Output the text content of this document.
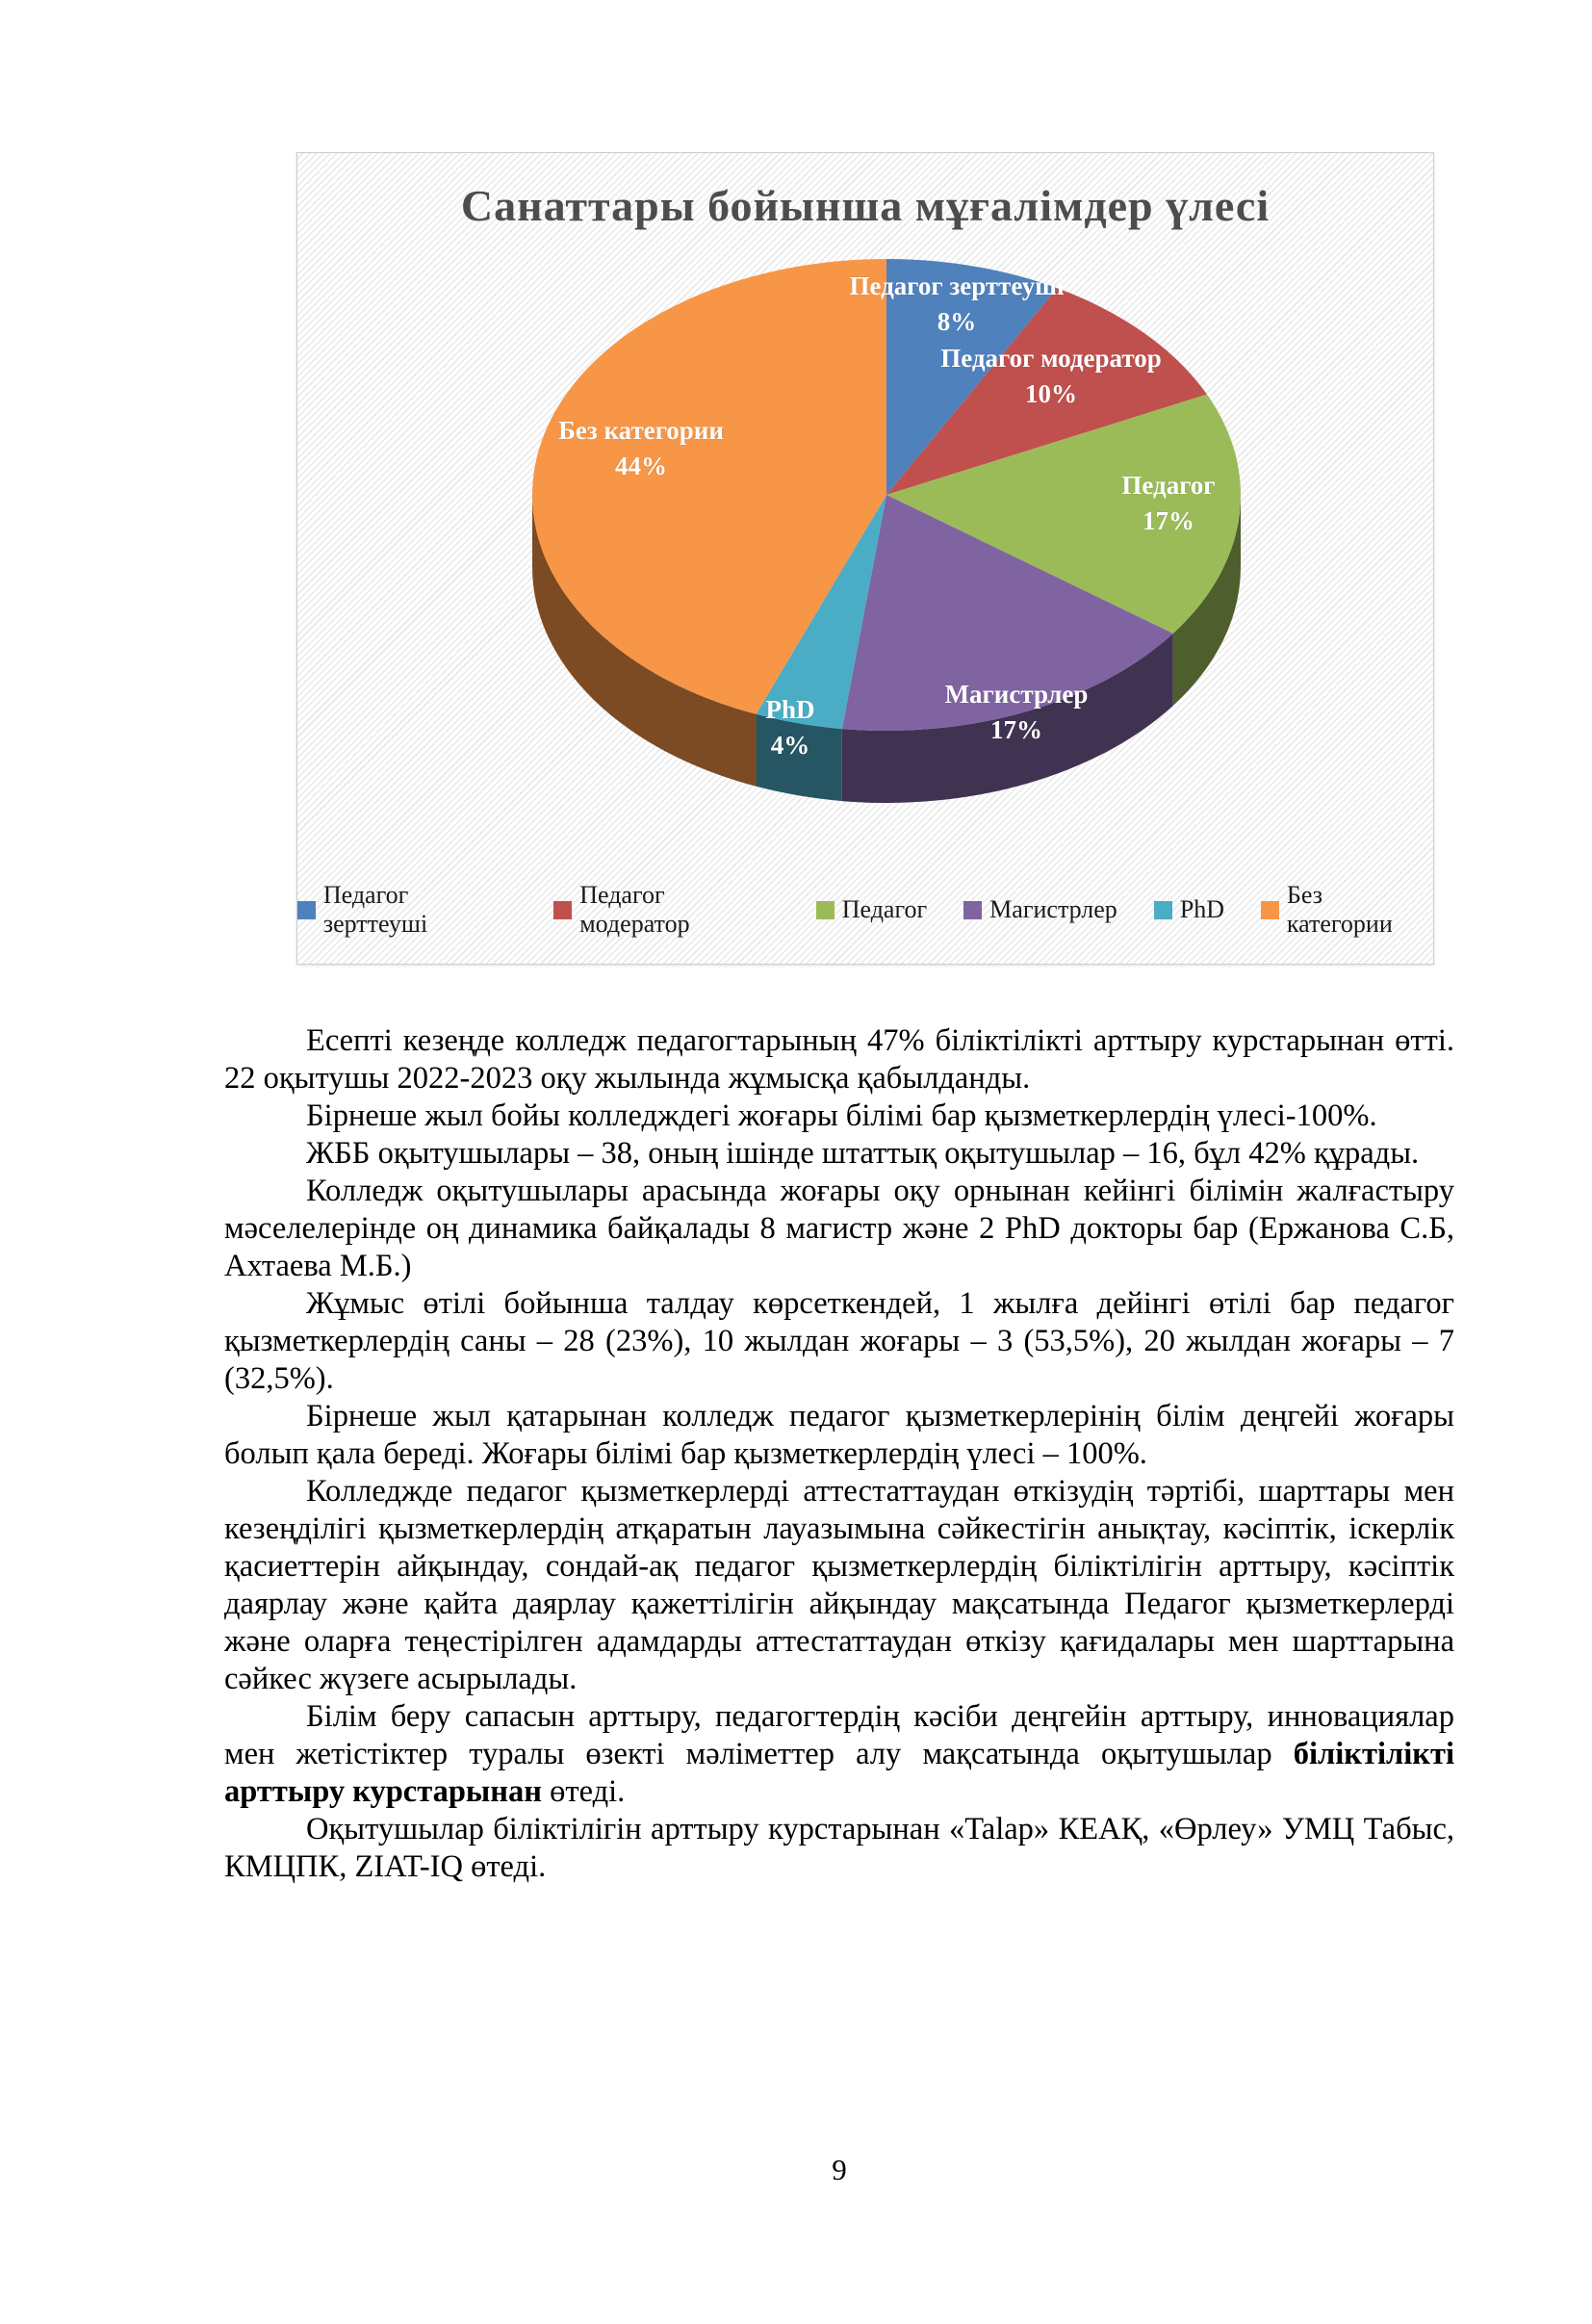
Санаттары бойынша мұғалімдер үлесі
Педагог зерттеуші
8%
Педагог модератор
10%
Педагог
17%
Магистрлер
17%
PhD
4%
Без категории
44%
Педагог зерттеуші
Педагог модератор
Педагог	Магистрлер	PhD
Без категории

Есепті кезеңде колледж педагогтарының 47% біліктілікті арттыру курстарынан өтті. 22 оқытушы 2022-2023 оқу жылында жұмысқа қабылданды.

Бірнеше жыл бойы колледждегі жоғары білімі бар қызметкерлердің үлесі-100%.

ЖББ оқытушылары – 38, оның ішінде штаттық оқытушылар – 16, бұл 42% құрады.

Колледж оқытушылары арасында жоғары оқу орнынан кейінгі білімін жалғастыру мәселелерінде оң динамика байқалады 8 магистр және 2 PhD докторы бар (Ержанова С.Б, Ахтаева М.Б.)

Жұмыс өтілі бойынша талдау көрсеткендей, 1 жылға дейінгі өтілі бар педагог қызметкерлердің саны – 28 (23%), 10 жылдан жоғары – 3 (53,5%), 20 жылдан жоғары – 7 (32,5%).

Бірнеше жыл қатарынан колледж педагог қызметкерлерінің білім деңгейі жоғары болып қала береді. Жоғары білімі бар қызметкерлердің үлесі – 100%.

Колледжде педагог қызметкерлерді аттестаттаудан өткізудің тәртібі, шарттары мен кезеңділігі қызметкерлердің атқаратын лауазымына сәйкестігін анықтау, кәсіптік, іскерлік қасиеттерін айқындау, сондай-ақ педагог қызметкерлердің біліктілігін арттыру, кәсіптік даярлау және қайта даярлау қажеттілігін айқындау мақсатында Педагог қызметкерлерді және оларға теңестірілген адамдарды аттестаттаудан өткізу қағидалары мен шарттарына сәйкес жүзеге асырылады.

Білім беру сапасын арттыру, педагогтердің кәсіби деңгейін арттыру, инновациялар мен жетістіктер туралы өзекті мәліметтер алу мақсатында оқытушылар біліктілікті арттыру курстарынан өтеді.

Оқытушылар біліктілігін арттыру курстарынан «Talap» КЕАҚ, «Өрлеу» УМЦ Табыс, КМЦПК, ZIAT-IQ өтеді.

9
